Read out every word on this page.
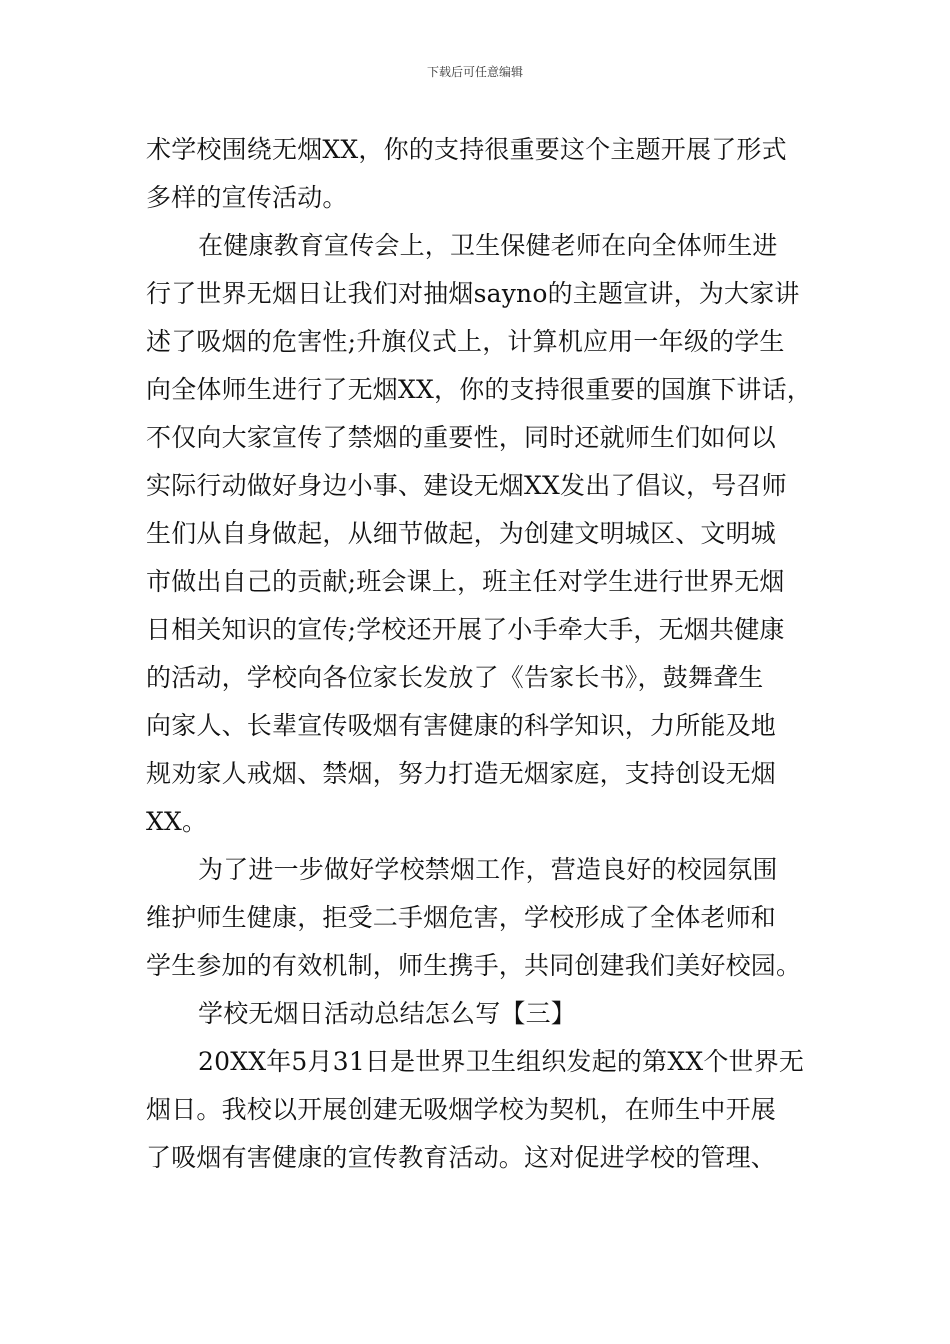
下载后可任意编辑
术学校围绕无烟XX，你的支持很重要这个主题开展了形式
多样的宣传活动。
在健康教育宣传会上，卫生保健老师在向全体师生进
行了世界无烟日让我们对抽烟sayno的主题宣讲，为大家讲
述了吸烟的危害性;升旗仪式上，计算机应用一年级的学生
向全体师生进行了无烟XX，你的支持很重要的国旗下讲话，
不仅向大家宣传了禁烟的重要性，同时还就师生们如何以
实际行动做好身边小事、建设无烟XX发出了倡议，号召师
生们从自身做起，从细节做起，为创建文明城区、文明城
市做出自己的贡献;班会课上，班主任对学生进行世界无烟
日相关知识的宣传;学校还开展了小手牵大手，无烟共健康
的活动，学校向各位家长发放了《告家长书》，鼓舞聋生
向家人、长辈宣传吸烟有害健康的科学知识，力所能及地
规劝家人戒烟、禁烟，努力打造无烟家庭，支持创设无烟
XX。
为了进一步做好学校禁烟工作，营造良好的校园氛围
维护师生健康，拒受二手烟危害，学校形成了全体老师和
学生参加的有效机制，师生携手，共同创建我们美好校园。
学校无烟日活动总结怎么写【三】
20XX年5月31日是世界卫生组织发起的第XX个世界无
烟日。我校以开展创建无吸烟学校为契机，在师生中开展
了吸烟有害健康的宣传教育活动。这对促进学校的管理、
